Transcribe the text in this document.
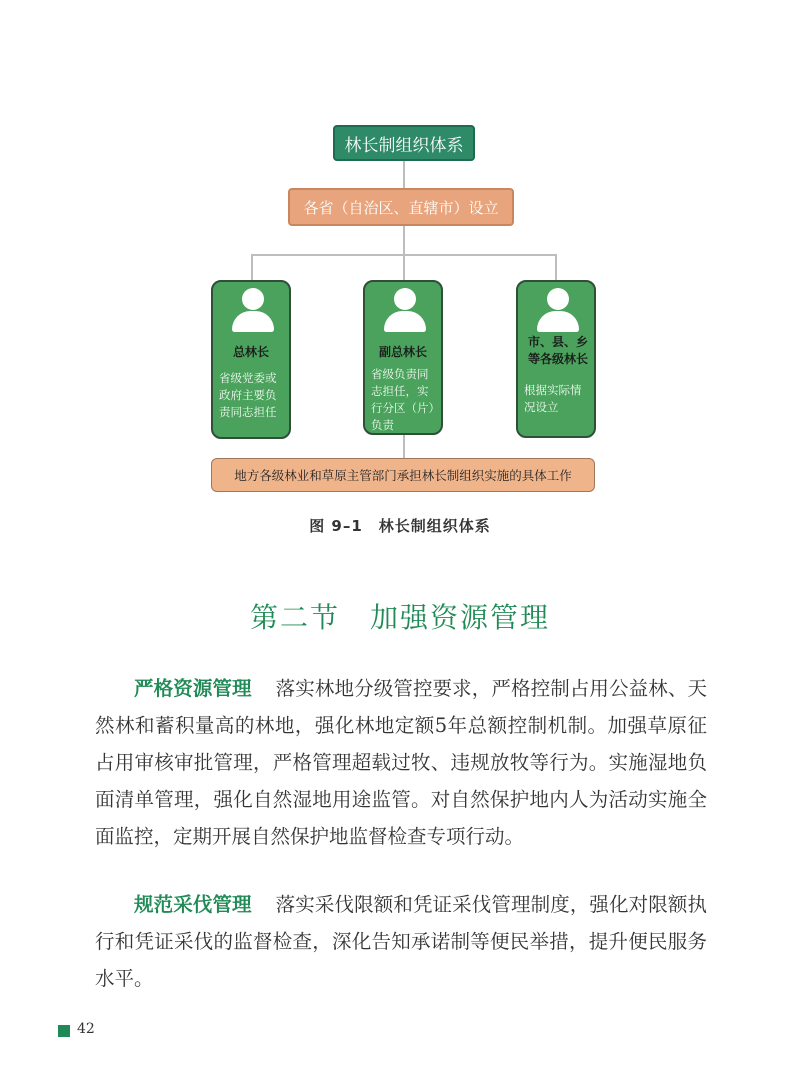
林长制组织体系
各省（自治区、直辖市）设立
总林长
省级党委或政府主要负责同志担任
副总林长
省级负责同志担任，实行分区（片）负责
市、县、乡等各级林长
根据实际情况设立
地方各级林业和草原主管部门承担林长制组织实施的具体工作
图 9–1　林长制组织体系
第二节　加强资源管理

严格资源管理 落实林地分级管控要求，严格控制占用公益林、天然林和蓄积量高的林地，强化林地定额5年总额控制机制。加强草原征占用审核审批管理，严格管理超载过牧、违规放牧等行为。实施湿地负面清单管理，强化自然湿地用途监管。对自然保护地内人为活动实施全面监控，定期开展自然保护地监督检查专项行动。

规范采伐管理 落实采伐限额和凭证采伐管理制度，强化对限额执行和凭证采伐的监督检查，深化告知承诺制等便民举措，提升便民服务水平。

42
